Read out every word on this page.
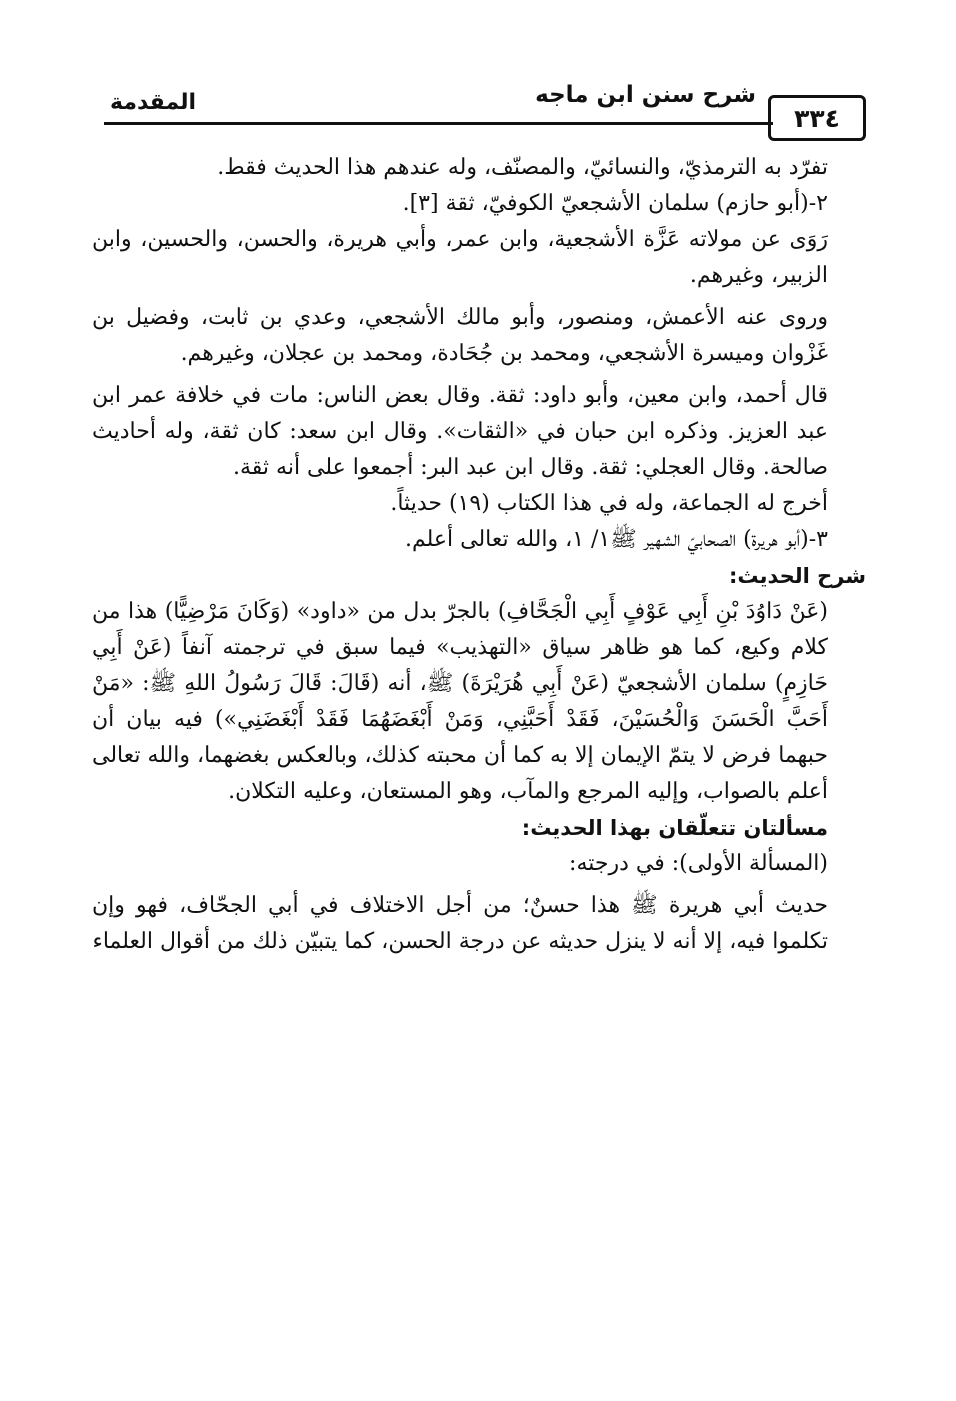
٣٣٤
شرح سنن ابن ماجه
المقدمة

تفرّد به الترمذيّ، والنسائيّ، والمصنّف، وله عندهم هذا الحديث فقط.

٢-(أبو حازم) سلمان الأشجعيّ الكوفيّ، ثقة [٣].

رَوَى عن مولاته عَزَّة الأشجعية، وابن عمر، وأبي هريرة، والحسن، والحسين، وابن الزبير، وغيرهم.

وروى عنه الأعمش، ومنصور، وأبو مالك الأشجعي، وعدي بن ثابت، وفضيل بن غَزْوان وميسرة الأشجعي، ومحمد بن جُحَادة، ومحمد بن عجلان، وغيرهم.

قال أحمد، وابن معين، وأبو داود: ثقة. وقال بعض الناس: مات في خلافة عمر ابن عبد العزيز. وذكره ابن حبان في «الثقات». وقال ابن سعد: كان ثقة، وله أحاديث صالحة. وقال العجلي: ثقة. وقال ابن عبد البر: أجمعوا على أنه ثقة.

أخرج له الجماعة، وله في هذا الكتاب (١٩) حديثاً.

٣-(أبو هريرة) الصحابيّ الشهير ﷺ١/ ١، والله تعالى أعلم.

شرح الحديث:

(عَنْ دَاوُدَ بْنِ أَبِي عَوْفٍ أَبِي الْجَحَّافِ) بالجرّ بدل من «داود» (وَكَانَ مَرْضِيًّا) هذا من كلام وكيع، كما هو ظاهر سياق «التهذيب» فيما سبق في ترجمته آنفاً (عَنْ أَبِي حَازِمٍ) سلمان الأشجعيّ (عَنْ أَبِي هُرَيْرَةَ) ﷺ، أنه (قَالَ: قَالَ رَسُولُ اللهِ ﷺ: «مَنْ أَحَبَّ الْحَسَنَ وَالْحُسَيْنَ، فَقَدْ أَحَبَّنِي، وَمَنْ أَبْغَضَهُمَا فَقَدْ أَبْغَضَنِي») فيه بيان أن حبهما فرض لا يتمّ الإيمان إلا به كما أن محبته كذلك، وبالعكس بغضهما، والله تعالى أعلم بالصواب، وإليه المرجع والمآب، وهو المستعان، وعليه التكلان.

مسألتان تتعلّقان بهذا الحديث:

(المسألة الأولى): في درجته:

حديث أبي هريرة ﷺ هذا حسنٌ؛ من أجل الاختلاف في أبي الجحّاف، فهو وإن تكلموا فيه، إلا أنه لا ينزل حديثه عن درجة الحسن، كما يتبيّن ذلك من أقوال العلماء
